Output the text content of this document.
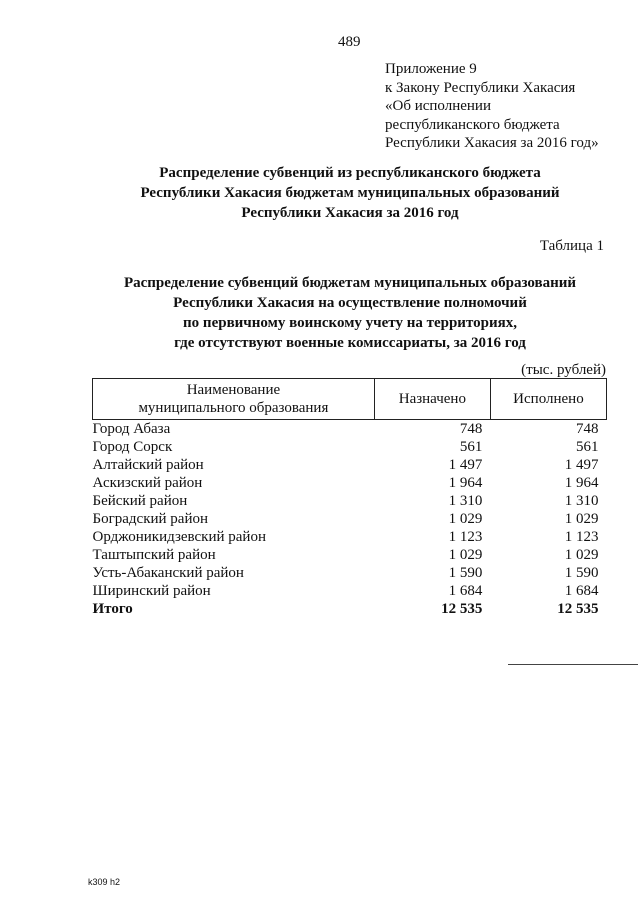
489
Приложение 9
к Закону Республики Хакасия
«Об исполнении
республиканского бюджета
Республики Хакасия за 2016 год»
Распределение субвенций из республиканского бюджета
Республики Хакасия бюджетам муниципальных образований
Республики Хакасия за 2016 год
Таблица 1
Распределение субвенций бюджетам муниципальных образований
Республики Хакасия на осуществление полномочий
по первичному воинскому учету на территориях,
где отсутствуют военные комиссариаты, за 2016 год
(тыс. рублей)
Наименование
муниципального образования	Назначено	Исполнено
Город Абаза	748	748
Город Сорск	561	561
Алтайский район	1 497	1 497
Аскизский район	1 964	1 964
Бейский район	1 310	1 310
Боградский район	1 029	1 029
Орджоникидзевский район	1 123	1 123
Таштыпский район	1 029	1 029
Усть-Абаканский район	1 590	1 590
Ширинский район	1 684	1 684
Итого	12 535	12 535
k309 h2
